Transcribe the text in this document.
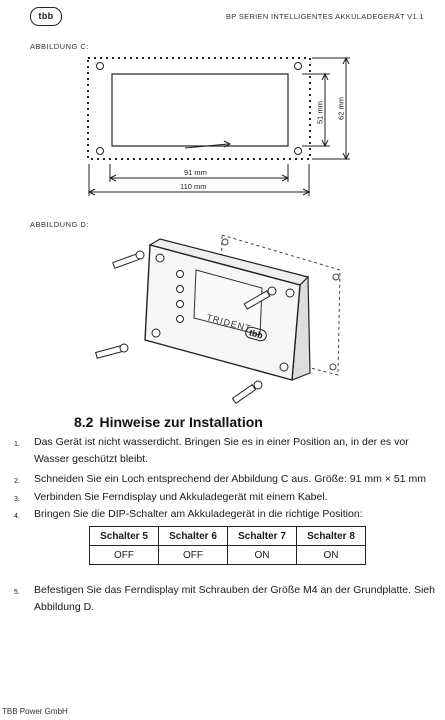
tbb	BP SERIEN INTELLIGENTES AKKULADEGERÄT V1.1
ABBILDUNG C:
91 mm
110 mm
51 mm 62 mm
ABBILDUNG D:
TRIDENT
tbb
8.2 Hinweise zur Installation
1. Das Gerät ist nicht wasserdicht. Bringen Sie es in einer Position an, in der es vor Wasser geschützt bleibt.
2. Schneiden Sie ein Loch entsprechend der Abbildung C aus. Größe: 91 mm × 51 mm
3. Verbinden Sie Ferndisplay und Akkuladegerät mit einem Kabel.
4. Bringen Sie die DIP-Schalter am Akkuladegerät in die richtige Position:
Schalter 5	Schalter 6	Schalter 7	Schalter 8
OFF	OFF	ON	ON
5. Befestigen Sie das Ferndisplay mit Schrauben der Größe M4 an der Grundplatte. Sieh Abbildung D.
TBB Power GmbH
